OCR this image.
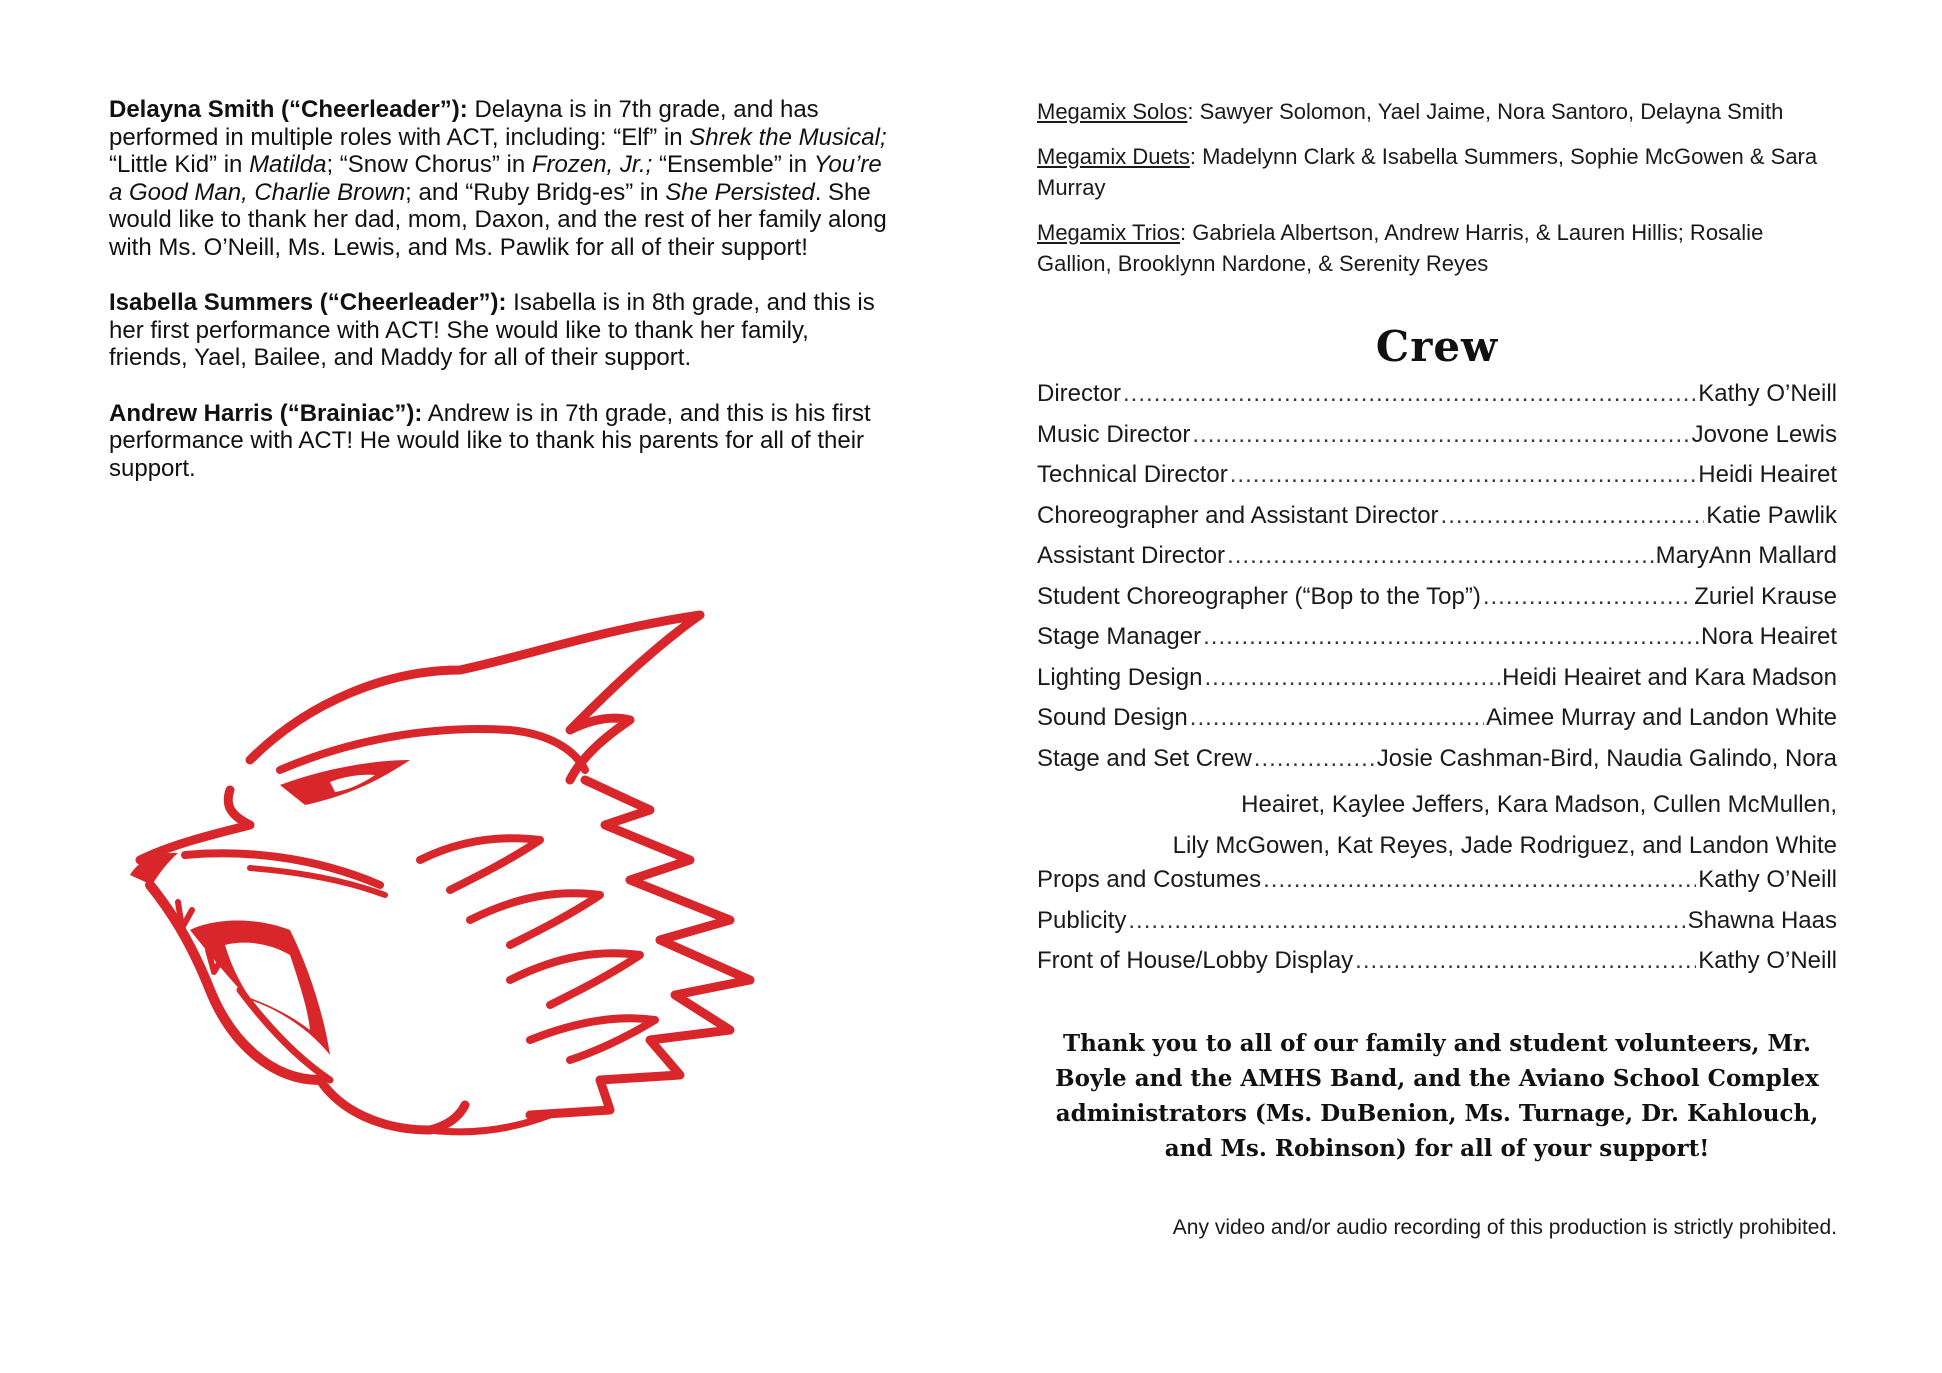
Delayna Smith (“Cheerleader”): Delayna is in 7th grade, and has performed in multiple roles with ACT, including: “Elf” in Shrek the Musical; “Little Kid” in Matilda; “Snow Chorus” in Frozen, Jr.; “Ensemble” in You’re a Good Man, Charlie Brown; and “Ruby Bridg-es” in She Persisted. She would like to thank her dad, mom, Daxon, and the rest of her family along with Ms. O’Neill, Ms. Lewis, and Ms. Pawlik for all of their support!

Isabella Summers (“Cheerleader”): Isabella is in 8th grade, and this is her first performance with ACT! She would like to thank her family, friends, Yael, Bailee, and Maddy for all of their support.

Andrew Harris (“Brainiac”): Andrew is in 7th grade, and this is his first performance with ACT! He would like to thank his parents for all of their support.

Megamix Solos: Sawyer Solomon, Yael Jaime, Nora Santoro, Delayna Smith

Megamix Duets: Madelynn Clark & Isabella Summers, Sophie McGowen & Sara Murray

Megamix Trios: Gabriela Albertson, Andrew Harris, & Lauren Hillis; Rosalie Gallion, Brooklynn Nardone, & Serenity Reyes

Crew
Director .....	Kathy O’Neill
Music Director .....	Jovone Lewis
Technical Director .....	Heidi Heairet
Choreographer and Assistant Director .....	Katie Pawlik
Assistant Director .....	MaryAnn Mallard
Student Choreographer (“Bop to the Top”) .....	Zuriel Krause
Stage Manager .....	Nora Heairet
Lighting Design .....	Heidi Heairet and Kara Madson
Sound Design .....	Aimee Murray and Landon White
Stage and Set Crew .....	Josie Cashman-Bird, Naudia Galindo, Nora
Heairet, Kaylee Jeffers, Kara Madson, Cullen McMullen,
Lily McGowen, Kat Reyes, Jade Rodriguez, and Landon White
Props and Costumes .....	Kathy O’Neill
Publicity .....	Shawna Haas
Front of House/Lobby Display .....	Kathy O’Neill
Thank you to all of our family and student volunteers, Mr. Boyle and the AMHS Band, and the Aviano School Complex administrators (Ms. DuBenion, Ms. Turnage, Dr. Kahlouch, and Ms. Robinson) for all of your support!
Any video and/or audio recording of this production is strictly prohibited.
